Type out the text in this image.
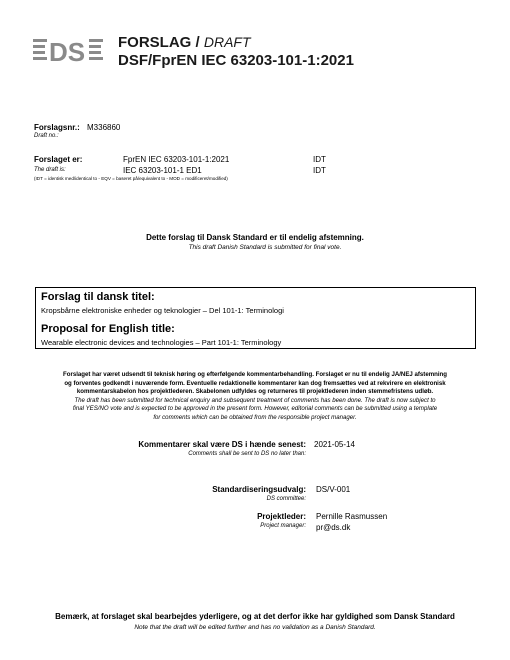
DS FORSLAG / DRAFT
DSF/FprEN IEC 63203-101-1:2021
Forslagsnr.: M336860
Draft no.:
Forslaget er:	FprEN IEC 63203-101-1:2021	IDT
The draft is:	IEC 63203-101-1 ED1	IDT
(IDT = identisk med/identical to - EQV = baseret på/equivalent to - MOD = modificeret/modified)
Dette forslag til Dansk Standard er til endelig afstemning.
This draft Danish Standard is submitted for final vote.
Forslag til dansk titel:
Kropsbårne elektroniske enheder og teknologier – Del 101-1: Terminologi
Proposal for English title:
Wearable electronic devices and technologies – Part 101-1: Terminology
Forslaget har været udsendt til teknisk høring og efterfølgende kommentarbehandling. Forslaget er nu til endelig JA/NEJ afstemning
og forventes godkendt i nuværende form. Eventuelle redaktionelle kommentarer kan dog fremsættes ved at rekvirere en elektronisk
kommentarskabelon hos projektlederen. Skabelonen udfyldes og returneres til projektlederen inden stemmefristens udløb.
The draft has been submitted for technical enquiry and subsequent treatment of comments has been done. The draft is now subject to
final YES/NO vote and is expected to be approved in the present form. However, editorial comments can be submitted using a template
for comments which can be obtained from the responsible project manager.
Kommentarer skal være DS i hænde senest: 2021-05-14
Comments shall be sent to DS no later than:
Standardiseringsudvalg: DS/V-001
DS committee:
Projektleder: Pernille Rasmussen
Project manager: pr@ds.dk
Bemærk, at forslaget skal bearbejdes yderligere, og at det derfor ikke har gyldighed som Dansk Standard
Note that the draft will be edited further and has no validation as a Danish Standard.
